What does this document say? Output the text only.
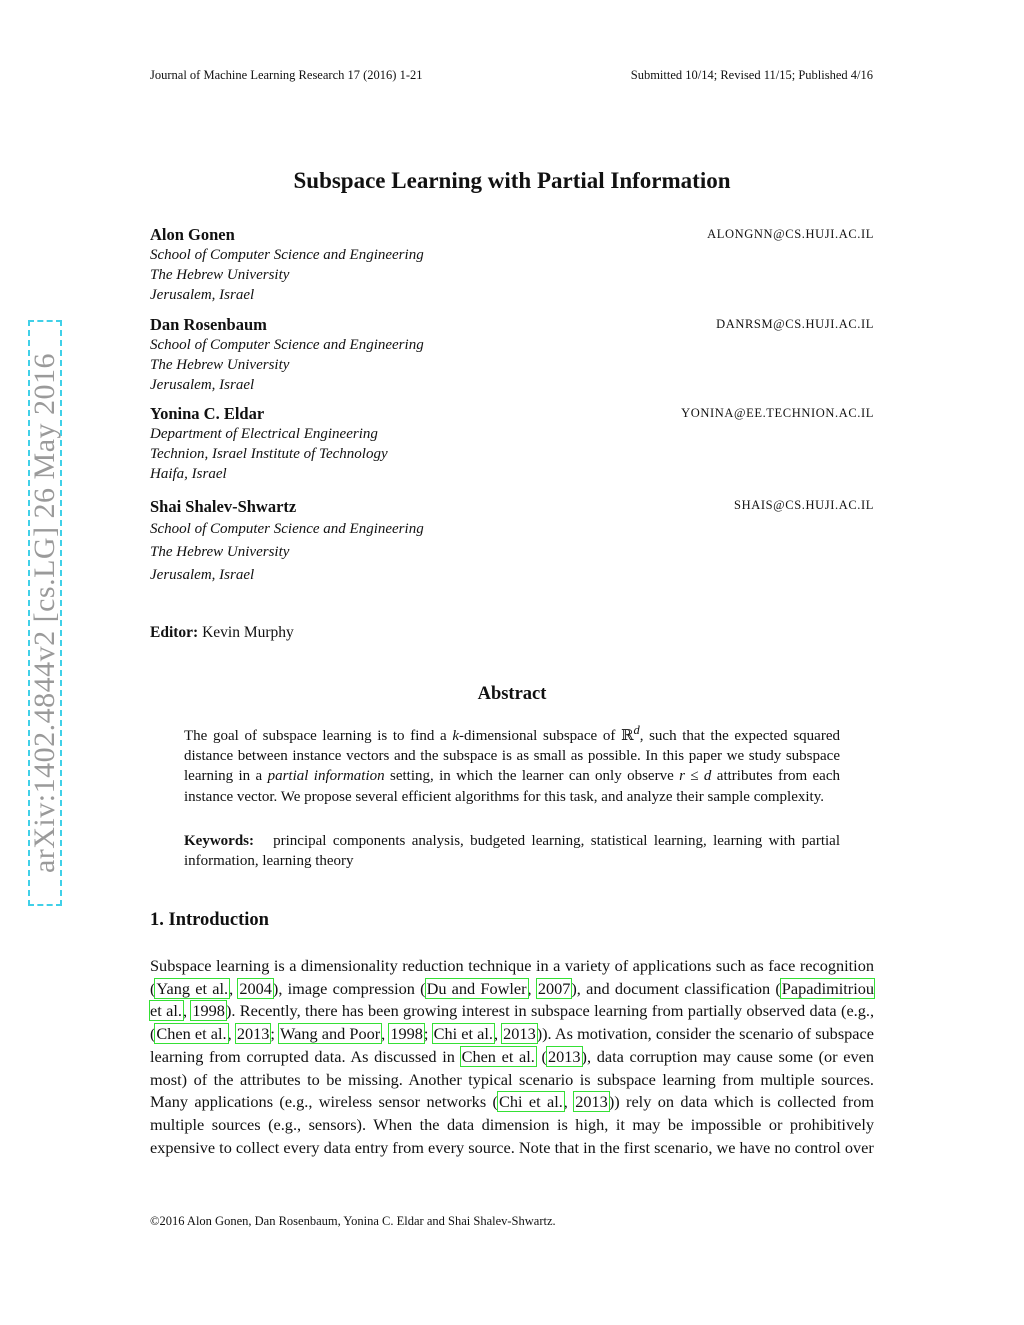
Journal of Machine Learning Research 17 (2016) 1-21	Submitted 10/14; Revised 11/15; Published 4/16
arXiv:1402.4844v2 [cs.LG] 26 May 2016
Subspace Learning with Partial Information
Alon Gonen	ALONGNN@CS.HUJI.AC.IL
School of Computer Science and Engineering
The Hebrew University
Jerusalem, Israel
Dan Rosenbaum	DANRSM@CS.HUJI.AC.IL
School of Computer Science and Engineering
The Hebrew University
Jerusalem, Israel
Yonina C. Eldar	YONINA@EE.TECHNION.AC.IL
Department of Electrical Engineering
Technion, Israel Institute of Technology
Haifa, Israel
Shai Shalev-Shwartz	SHAIS@CS.HUJI.AC.IL
School of Computer Science and Engineering
The Hebrew University
Jerusalem, Israel
Editor: Kevin Murphy
Abstract
The goal of subspace learning is to find a k-dimensional subspace of ℝ$^d$, such that the expected squared distance between instance vectors and the subspace is as small as possible. In this paper we study subspace learning in a partial information setting, in which the learner can only observe r ≤ d attributes from each instance vector. We propose several efficient algorithms for this task, and analyze their sample complexity.
Keywords: principal components analysis, budgeted learning, statistical learning, learning with partial information, learning theory
1. Introduction
Subspace learning is a dimensionality reduction technique in a variety of applications such as face recognition (Yang et al., 2004), image compression (Du and Fowler, 2007), and document classification (Papadimitriou et al., 1998). Recently, there has been growing interest in subspace learning from partially observed data (e.g., (Chen et al., 2013; Wang and Poor, 1998; Chi et al., 2013)). As motivation, consider the scenario of subspace learning from corrupted data. As discussed in Chen et al. (2013), data corruption may cause some (or even most) of the attributes to be missing. Another typical scenario is subspace learning from multiple sources. Many applications (e.g., wireless sensor networks (Chi et al., 2013)) rely on data which is collected from multiple sources (e.g., sensors). When the data dimension is high, it may be impossible or prohibitively expensive to collect every data entry from every source. Note that in the first scenario, we have no control over
©2016 Alon Gonen, Dan Rosenbaum, Yonina C. Eldar and Shai Shalev-Shwartz.
